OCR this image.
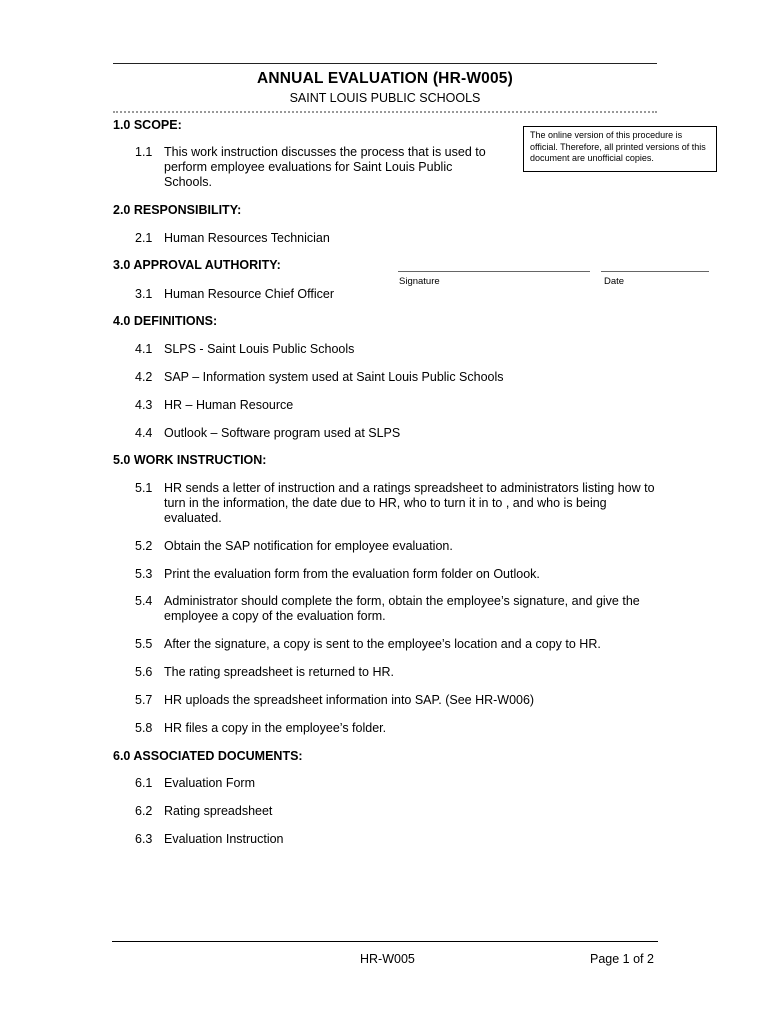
ANNUAL EVALUATION (HR-W005)
SAINT LOUIS PUBLIC SCHOOLS
The online version of this procedure is official. Therefore, all printed versions of this document are unofficial copies.
1.0 SCOPE:
1.1 This work instruction discusses the process that is used to perform employee evaluations for Saint Louis Public Schools.
2.0 RESPONSIBILITY:
2.1 Human Resources Technician
3.0 APPROVAL AUTHORITY:
Signature	Date
3.1 Human Resource Chief Officer
4.0 DEFINITIONS:
4.1 SLPS - Saint Louis Public Schools
4.2 SAP – Information system used at Saint Louis Public Schools
4.3 HR – Human Resource
4.4 Outlook – Software program used at SLPS
5.0 WORK INSTRUCTION:
5.1 HR sends a letter of instruction and a ratings spreadsheet to administrators listing how to turn in the information, the date due to HR, who to turn it in to , and who is being evaluated.
5.2 Obtain the SAP notification for employee evaluation.
5.3 Print the evaluation form from the evaluation form folder on Outlook.
5.4 Administrator should complete the form, obtain the employee’s signature, and give the employee a copy of the evaluation form.
5.5 After the signature, a copy is sent to the employee’s location and a copy to HR.
5.6 The rating spreadsheet is returned to HR.
5.7 HR uploads the spreadsheet information into SAP. (See HR-W006)
5.8 HR files a copy in the employee’s folder.
6.0 ASSOCIATED DOCUMENTS:
6.1 Evaluation Form
6.2 Rating spreadsheet
6.3 Evaluation Instruction
HR-W005	Page 1 of 2
